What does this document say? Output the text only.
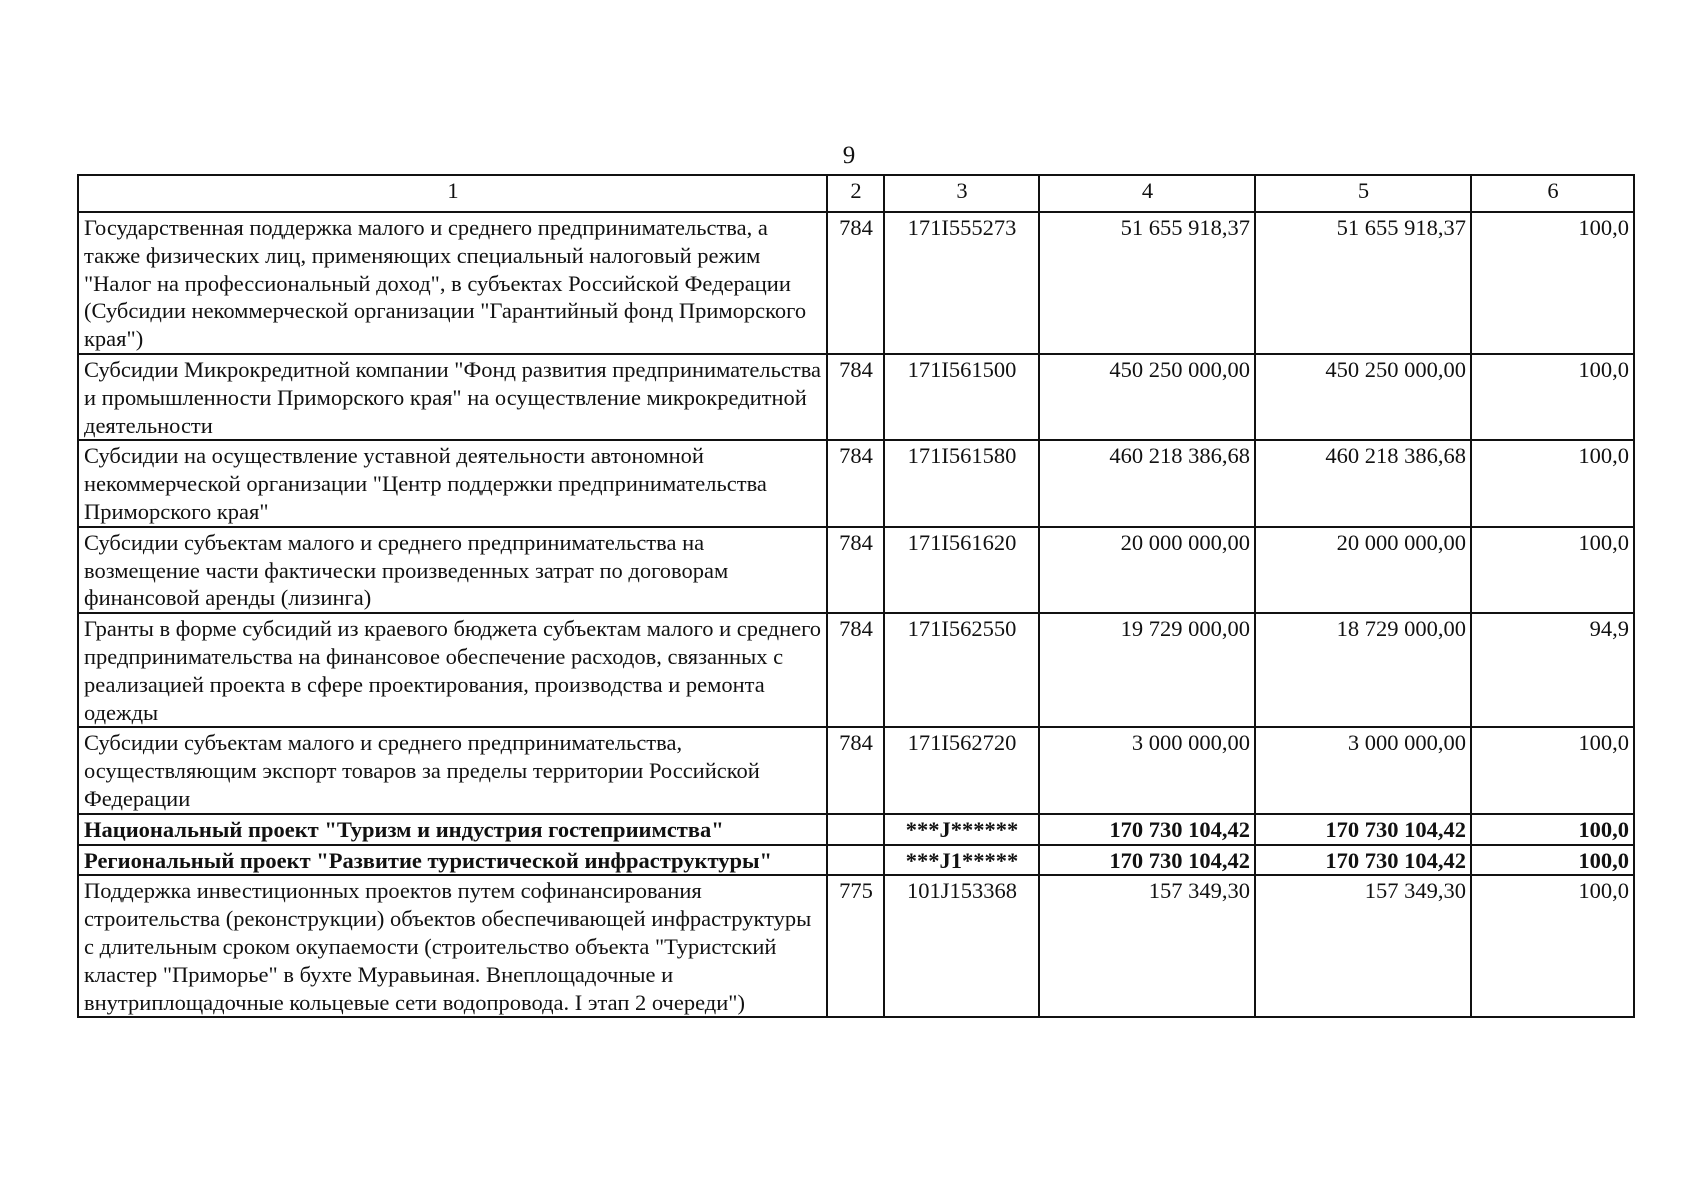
9
1	2	3	4	5	6
Государственная поддержка малого и среднего предпринимательства, а также физических лиц, применяющих специальный налоговый режим "Налог на профессиональный доход", в субъектах Российской Федерации (Субсидии некоммерческой организации "Гарантийный фонд Приморского края")	784	171I555273	51 655 918,37	51 655 918,37	100,0
Субсидии Микрокредитной компании "Фонд развития предпринимательства и промышленности Приморского края" на осуществление микрокредитной деятельности	784	171I561500	450 250 000,00	450 250 000,00	100,0
Субсидии на осуществление уставной деятельности автономной некоммерческой организации "Центр поддержки предпринимательства Приморского края"	784	171I561580	460 218 386,68	460 218 386,68	100,0
Субсидии субъектам малого и среднего предпринимательства на возмещение части фактически произведенных затрат по договорам финансовой аренды (лизинга)	784	171I561620	20 000 000,00	20 000 000,00	100,0
Гранты в форме субсидий из краевого бюджета субъектам малого и среднего предпринимательства на финансовое обеспечение расходов, связанных с реализацией проекта в сфере проектирования, производства и ремонта одежды	784	171I562550	19 729 000,00	18 729 000,00	94,9
Субсидии субъектам малого и среднего предпринимательства, осуществляющим экспорт товаров за пределы территории Российской Федерации	784	171I562720	3 000 000,00	3 000 000,00	100,0
Национальный проект "Туризм и индустрия гостеприимства"		***J******	170 730 104,42	170 730 104,42	100,0
Региональный проект "Развитие туристической инфраструктуры"		***J1*****	170 730 104,42	170 730 104,42	100,0
Поддержка инвестиционных проектов путем софинансирования строительства (реконструкции) объектов обеспечивающей инфраструктуры с длительным сроком окупаемости (строительство объекта "Туристский кластер "Приморье" в бухте Муравьиная. Внеплощадочные и внутриплощадочные кольцевые сети водопровода. I этап 2 очереди")	775	101J153368	157 349,30	157 349,30	100,0
